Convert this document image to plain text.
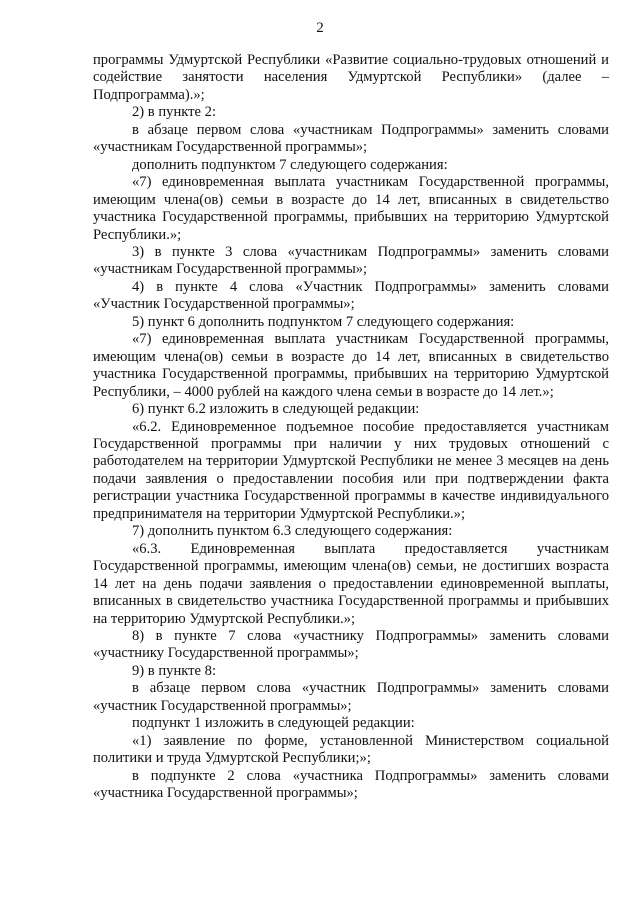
2

программы Удмуртской Республики «Развитие социально-трудовых отношений и содействие занятости населения Удмуртской Республики» (далее – Подпрограмма).»;

2) в пункте 2:

в абзаце первом слова «участникам Подпрограммы» заменить словами «участникам Государственной программы»;

дополнить подпунктом 7 следующего содержания:

«7) единовременная выплата участникам Государственной программы, имеющим члена(ов) семьи в возрасте до 14 лет, вписанных в свидетельство участника Государственной программы, прибывших на территорию Удмуртской Республики.»;

3) в пункте 3 слова «участникам Подпрограммы» заменить словами «участникам Государственной программы»;

4) в пункте 4 слова «Участник Подпрограммы» заменить словами «Участник Государственной программы»;

5) пункт 6 дополнить подпунктом 7 следующего содержания:

«7) единовременная выплата участникам Государственной программы, имеющим члена(ов) семьи в возрасте до 14 лет, вписанных в свидетельство участника Государственной программы, прибывших на территорию Удмуртской Республики, – 4000 рублей на каждого члена семьи в возрасте до 14 лет.»;

6) пункт 6.2 изложить в следующей редакции:

«6.2. Единовременное подъемное пособие предоставляется участникам Государственной программы при наличии у них трудовых отношений с работодателем на территории Удмуртской Республики не менее 3 месяцев на день подачи заявления о предоставлении пособия или при подтверждении факта регистрации участника Государственной программы в качестве индивидуального предпринимателя на территории Удмуртской Республики.»;

7) дополнить пунктом 6.3 следующего содержания:

«6.3. Единовременная выплата предоставляется участникам Государственной программы, имеющим члена(ов) семьи, не достигших возраста 14 лет на день подачи заявления о предоставлении единовременной выплаты, вписанных в свидетельство участника Государственной программы и прибывших на территорию Удмуртской Республики.»;

8) в пункте 7 слова «участнику Подпрограммы» заменить словами «участнику Государственной программы»;

9) в пункте 8:

в абзаце первом слова «участник Подпрограммы» заменить словами «участник Государственной программы»;

подпункт 1 изложить в следующей редакции:

«1) заявление по форме, установленной Министерством социальной политики и труда Удмуртской Республики;»;

в подпункте 2 слова «участника Подпрограммы» заменить словами «участника Государственной программы»;
